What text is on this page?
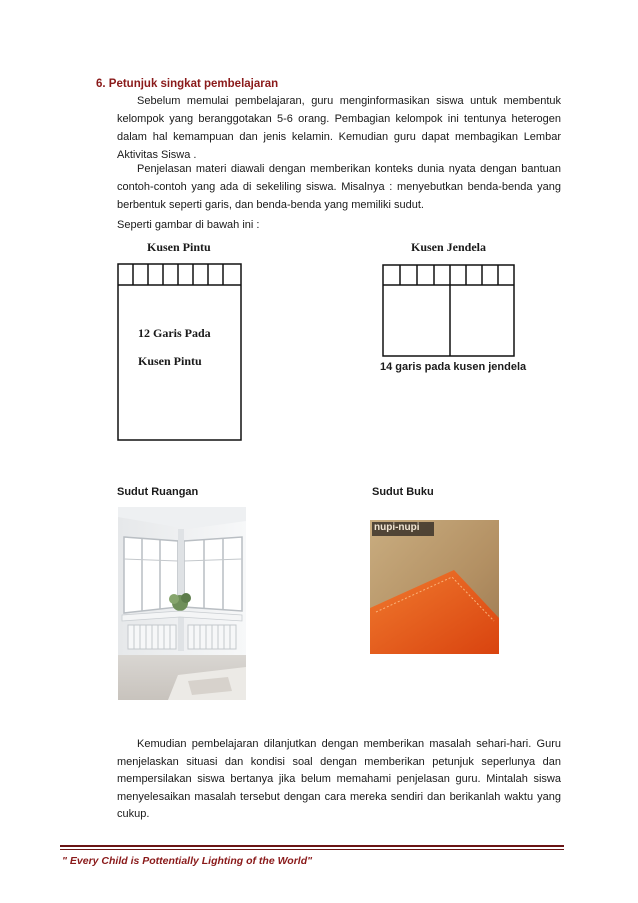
6. Petunjuk singkat pembelajaran
Sebelum memulai pembelajaran, guru menginformasikan siswa untuk membentuk kelompok yang beranggotakan 5-6 orang. Pembagian kelompok ini tentunya heterogen dalam hal kemampuan dan jenis kelamin. Kemudian guru dapat membagikan Lembar Aktivitas Siswa .
Penjelasan materi diawali dengan memberikan konteks dunia nyata dengan bantuan contoh-contoh yang ada di sekeliling siswa. Misalnya : menyebutkan benda-benda yang berbentuk seperti garis, dan benda-benda yang memiliki sudut.
Seperti gambar di bawah ini :
Kusen Pintu
12 Garis Pada
Kusen Pintu
Kusen Jendela
14 garis pada kusen jendela
Sudut Ruangan	Sudut Buku
nupi-nupi
Kemudian pembelajaran dilanjutkan dengan memberikan masalah sehari-hari. Guru menjelaskan situasi dan kondisi soal dengan memberikan petunjuk seperlunya dan mempersilakan siswa bertanya jika belum memahami penjelasan guru. Mintalah siswa menyelesaikan masalah tersebut dengan cara mereka sendiri dan berikanlah waktu yang cukup.
" Every Child is Pottentially Lighting of the World"
